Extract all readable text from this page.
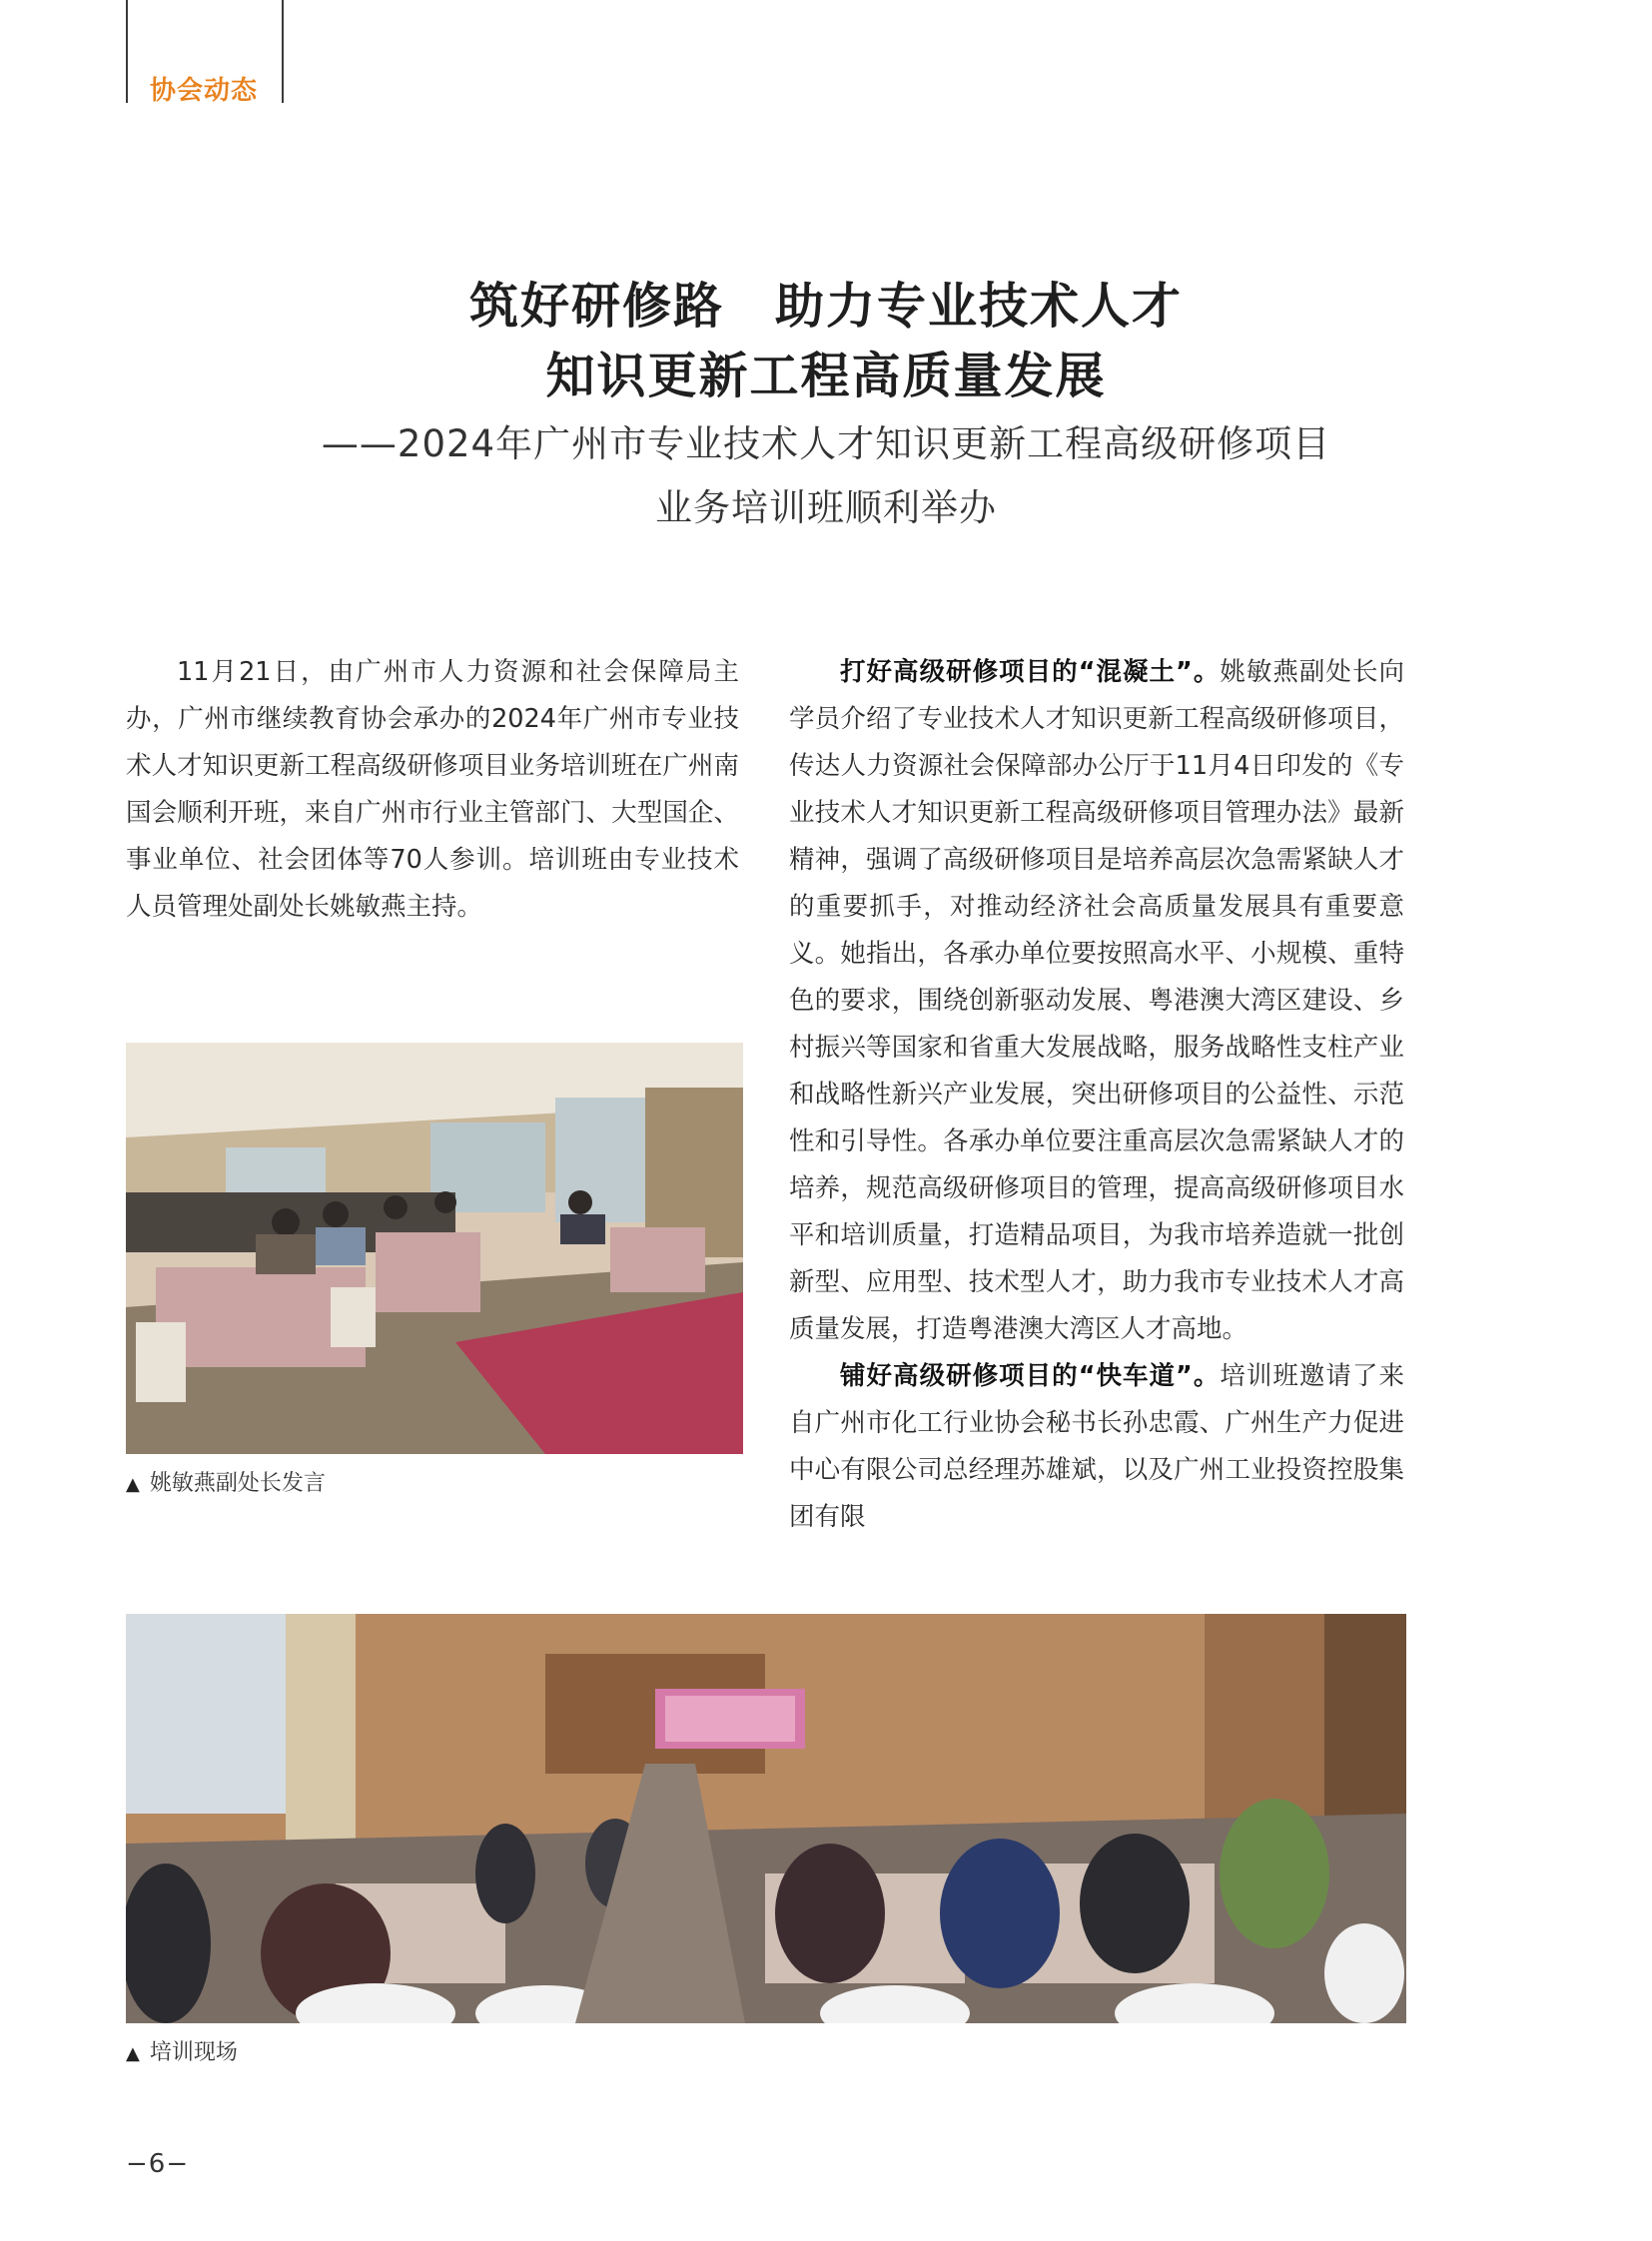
协会动态
筑好研修路　助力专业技术人才
知识更新工程高质量发展
——2024年广州市专业技术人才知识更新工程高级研修项目
业务培训班顺利举办

11月21日，由广州市人力资源和社会保障局主办，广州市继续教育协会承办的2024年广州市专业技术人才知识更新工程高级研修项目业务培训班在广州南国会顺利开班，来自广州市行业主管部门、大型国企、事业单位、社会团体等70人参训。培训班由专业技术人员管理处副处长姚敏燕主持。

打好高级研修项目的“混凝土”。姚敏燕副处长向学员介绍了专业技术人才知识更新工程高级研修项目，传达人力资源社会保障部办公厅于11月4日印发的《专业技术人才知识更新工程高级研修项目管理办法》最新精神，强调了高级研修项目是培养高层次急需紧缺人才的重要抓手，对推动经济社会高质量发展具有重要意义。她指出，各承办单位要按照高水平、小规模、重特色的要求，围绕创新驱动发展、粤港澳大湾区建设、乡村振兴等国家和省重大发展战略，服务战略性支柱产业和战略性新兴产业发展，突出研修项目的公益性、示范性和引导性。各承办单位要注重高层次急需紧缺人才的培养，规范高级研修项目的管理，提高高级研修项目水平和培训质量，打造精品项目，为我市培养造就一批创新型、应用型、技术型人才，助力我市专业技术人才高质量发展，打造粤港澳大湾区人才高地。

铺好高级研修项目的“快车道”。培训班邀请了来自广州市化工行业协会秘书长孙忠霞、广州生产力促进中心有限公司总经理苏雄斌，以及广州工业投资控股集团有限

▲ 姚敏燕副处长发言
▲ 培训现场
−6−
